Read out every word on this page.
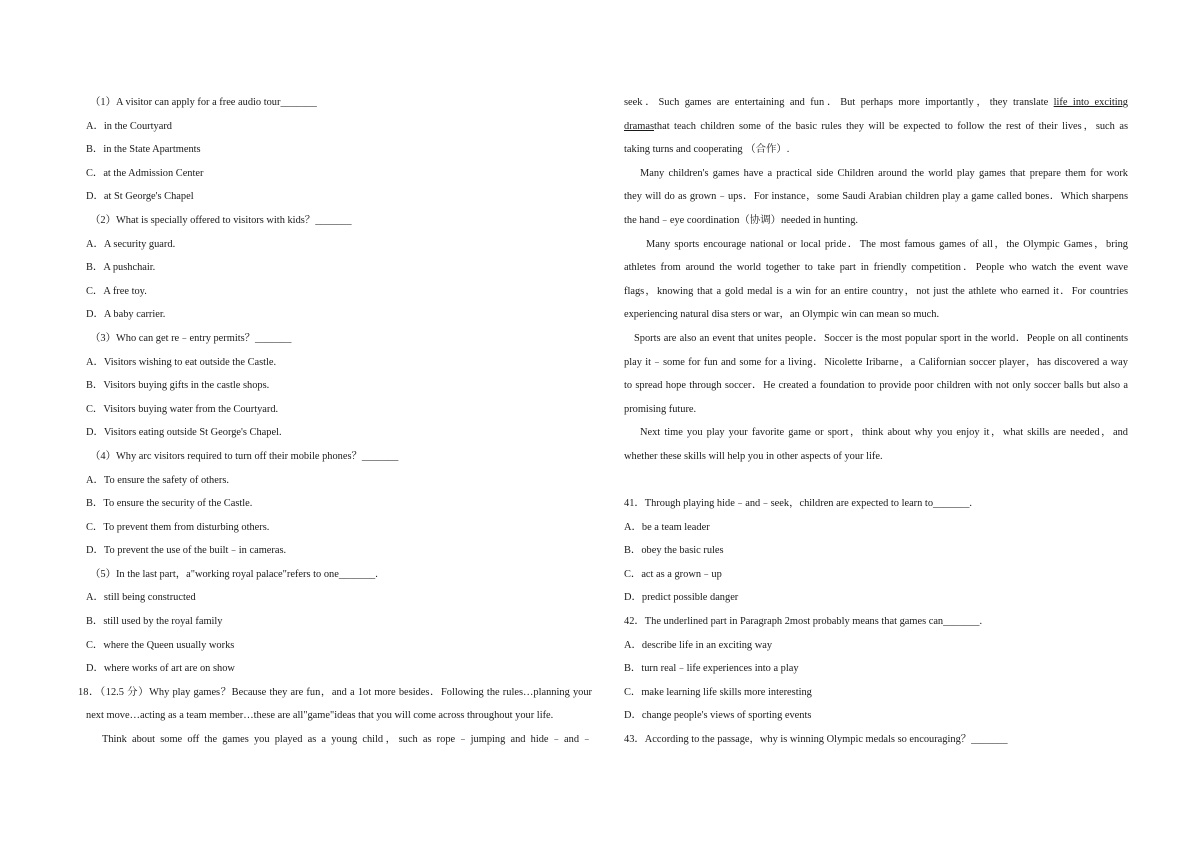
（1）A visitor can apply for a free audio tour_______
A．in the Courtyard
B．in the State Apartments
C．at the Admission Center
D．at St George's Chapel
（2）What is specially offered to visitors with kids？_______
A．A security guard.
B．A pushchair.
C．A free toy.
D．A baby carrier.
（3）Who can get re﹣entry permits？_______
A．Visitors wishing to eat outside the Castle.
B．Visitors buying gifts in the castle shops.
C．Visitors buying water from the Courtyard.
D．Visitors eating outside St George's Chapel.
（4）Why arc visitors required to turn off their mobile phones？_______
A．To ensure the safety of others.
B．To ensure the security of the Castle.
C．To prevent them from disturbing others.
D．To prevent the use of the built﹣in cameras.
（5）In the last part，a"working royal palace"refers to one_______.
A．still being constructed
B．still used by the royal family
C．where the Queen usually works
D．where works of art are on show
18．（12.5 分）Why play games？Because they are fun，and a 1ot more besides．Following the rules…planning your
next move…acting as a team member…these are all"game"ideas that you will come across throughout your life.
Think about some off the games you played as a young child，such as rope﹣jumping and hide﹣and﹣
seek．Such games are entertaining and fun．But perhaps more importantly，they translate life into exciting
dramasthat teach children some of the basic rules they will be expected to follow the rest of their lives，such as
taking turns and cooperating （合作）.
Many children's games have a practical side Children around the world play games that prepare them for work
they will do as grown﹣ups．For instance，some Saudi Arabian children play a game called bones．Which sharpens
the hand﹣eye coordination（协调）needed in hunting.
Many sports encourage national or local pride．The most famous games of all，the Olympic Games，bring
athletes from around the world together to take part in friendly competition．People who watch the event wave
flags，knowing that a gold medal is a win for an entire country，not just the athlete who earned it．For countries
experiencing natural disa sters or war，an Olympic win can mean so much.
Sports are also an event that unites people．Soccer is the most popular sport in the world．People on all continents
play it﹣some for fun and some for a living．Nicolette Iribarne，a Californian soccer player，has discovered a way
to spread hope through soccer．He created a foundation to provide poor children with not only soccer balls but also a
promising future.
Next time you play your favorite game or sport，think about why you enjoy it，what skills are needed，and
whether these skills will help you in other aspects of your life.
41．Through playing hide﹣and﹣seek，children are expected to learn to_______.
A．be a team leader
B．obey the basic rules
C．act as a grown﹣up
D．predict possible danger
42．The underlined part in Paragraph 2most probably means that games can_______.
A．describe life in an exciting way
B．turn real﹣life experiences into a play
C．make learning life skills more interesting
D．change people's views of sporting events
43．According to the passage，why is winning Olympic medals so encouraging？_______
